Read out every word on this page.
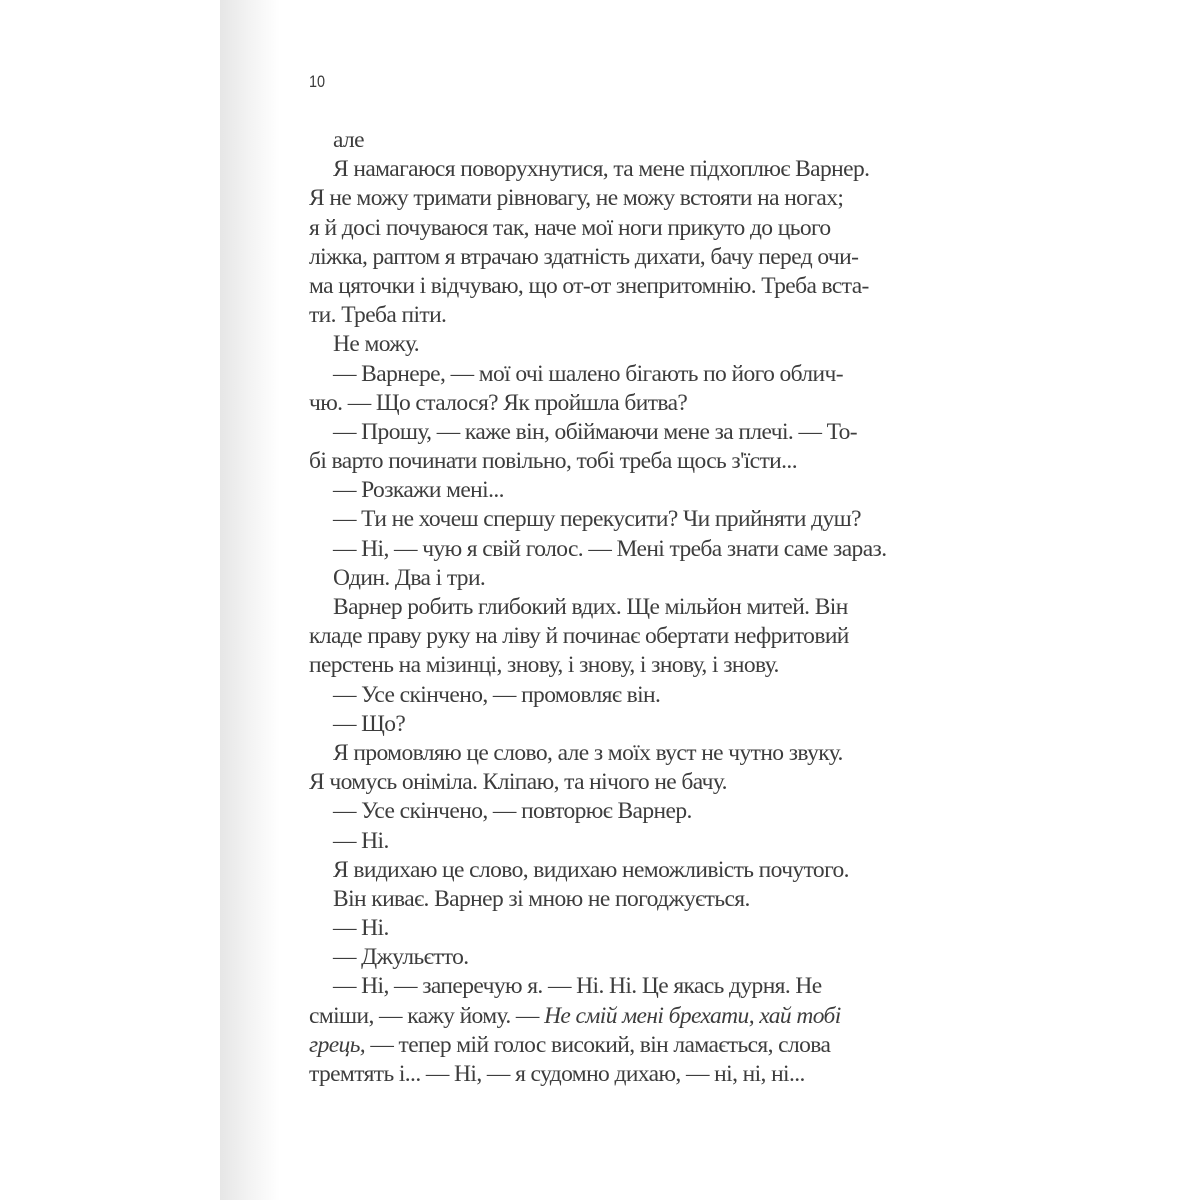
10
але
Я намагаюся поворухнутися, та мене підхоплює Варнер.
Я не можу тримати рівновагу, не можу встояти на ногах;
я й досі почуваюся так, наче мої ноги прикуто до цього
ліжка, раптом я втрачаю здатність дихати, бачу перед очи-
ма цяточки і відчуваю, що от-от знепритомнію. Треба вста-
ти. Треба піти.
Не можу.
— Варнере, — мої очі шалено бігають по його облич-
чю. — Що сталося? Як пройшла битва?
— Прошу, — каже він, обіймаючи мене за плечі. — То-
бі варто починати повільно, тобі треба щось з'їсти...
— Розкажи мені...
— Ти не хочеш спершу перекусити? Чи прийняти душ?
— Ні, — чую я свій голос. — Мені треба знати саме зараз.
Один. Два і три.
Варнер робить глибокий вдих. Ще мільйон митей. Він
кладе праву руку на ліву й починає обертати нефритовий
перстень на мізинці, знову, і знову, і знову, і знову.
— Усе скінчено, — промовляє він.
— Що?
Я промовляю це слово, але з моїх вуст не чутно звуку.
Я чомусь оніміла. Кліпаю, та нічого не бачу.
— Усе скінчено, — повторює Варнер.
— Ні.
Я видихаю це слово, видихаю неможливість почутого.
Він киває. Варнер зі мною не погоджується.
— Ні.
— Джульєтто.
— Ні, — заперечую я. — Ні. Ні. Це якась дурня. Не
сміши, — кажу йому. — Не смій мені брехати, хай тобі
грець, — тепер мій голос високий, він ламається, слова
тремтять і... — Ні, — я судомно дихаю, — ні, ні, ні...
